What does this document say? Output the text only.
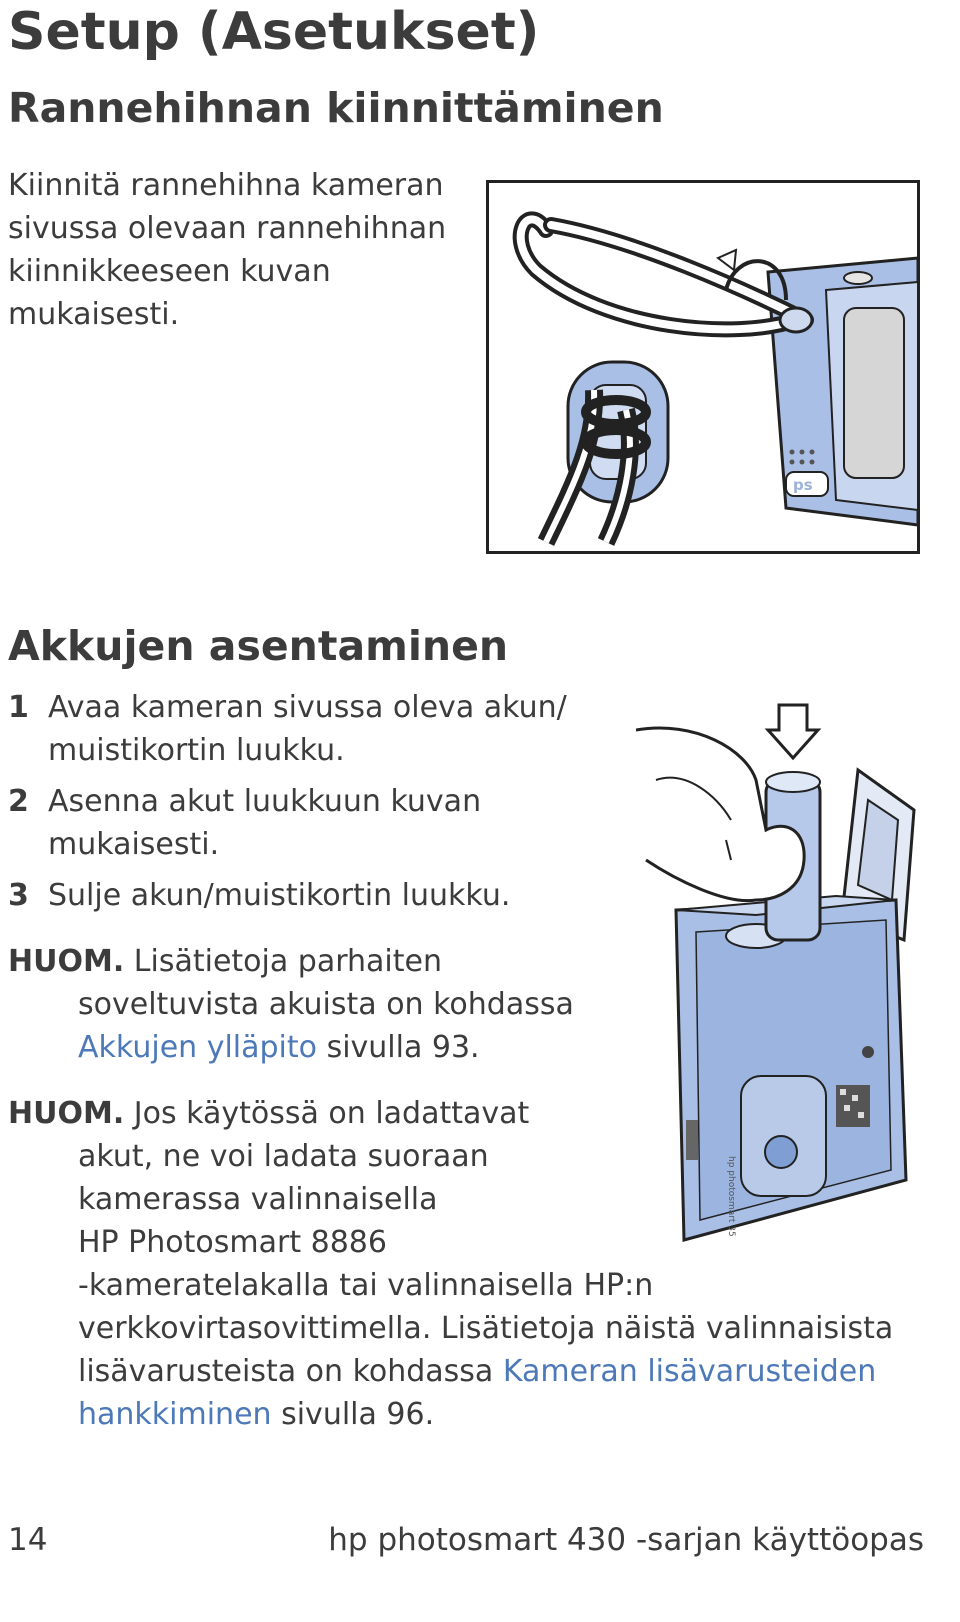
Setup (Asetukset)
Rannehihnan kiinnittäminen

Kiinnitä rannehihna kameran
sivussa olevaan rannehihnan
kiinnikkeeseen kuvan
mukaisesti.

ps
Akkujen asentaminen
1 Avaa kameran sivussa oleva akun/
muistikortin luukku.
2 Asenna akut luukkuun kuvan
mukaisesti.
3 Sulje akun/muistikortin luukku.
HUOM. Lisätietoja parhaiten
soveltuvista akuista on kohdassa
Akkujen ylläpito sivulla 93.
hp photosmart 35
HUOM. Jos käytössä on ladattavat
akut, ne voi ladata suoraan
kamerassa valinnaisella
HP Photosmart 8886
-kameratelakalla tai valinnaisella HP:n
verkkovirtasovittimella. Lisätietoja näistä valinnaisista
lisävarusteista on kohdassa Kameran lisävarusteiden
hankkiminen sivulla 96.
14	hp photosmart 430 -sarjan käyttöopas
